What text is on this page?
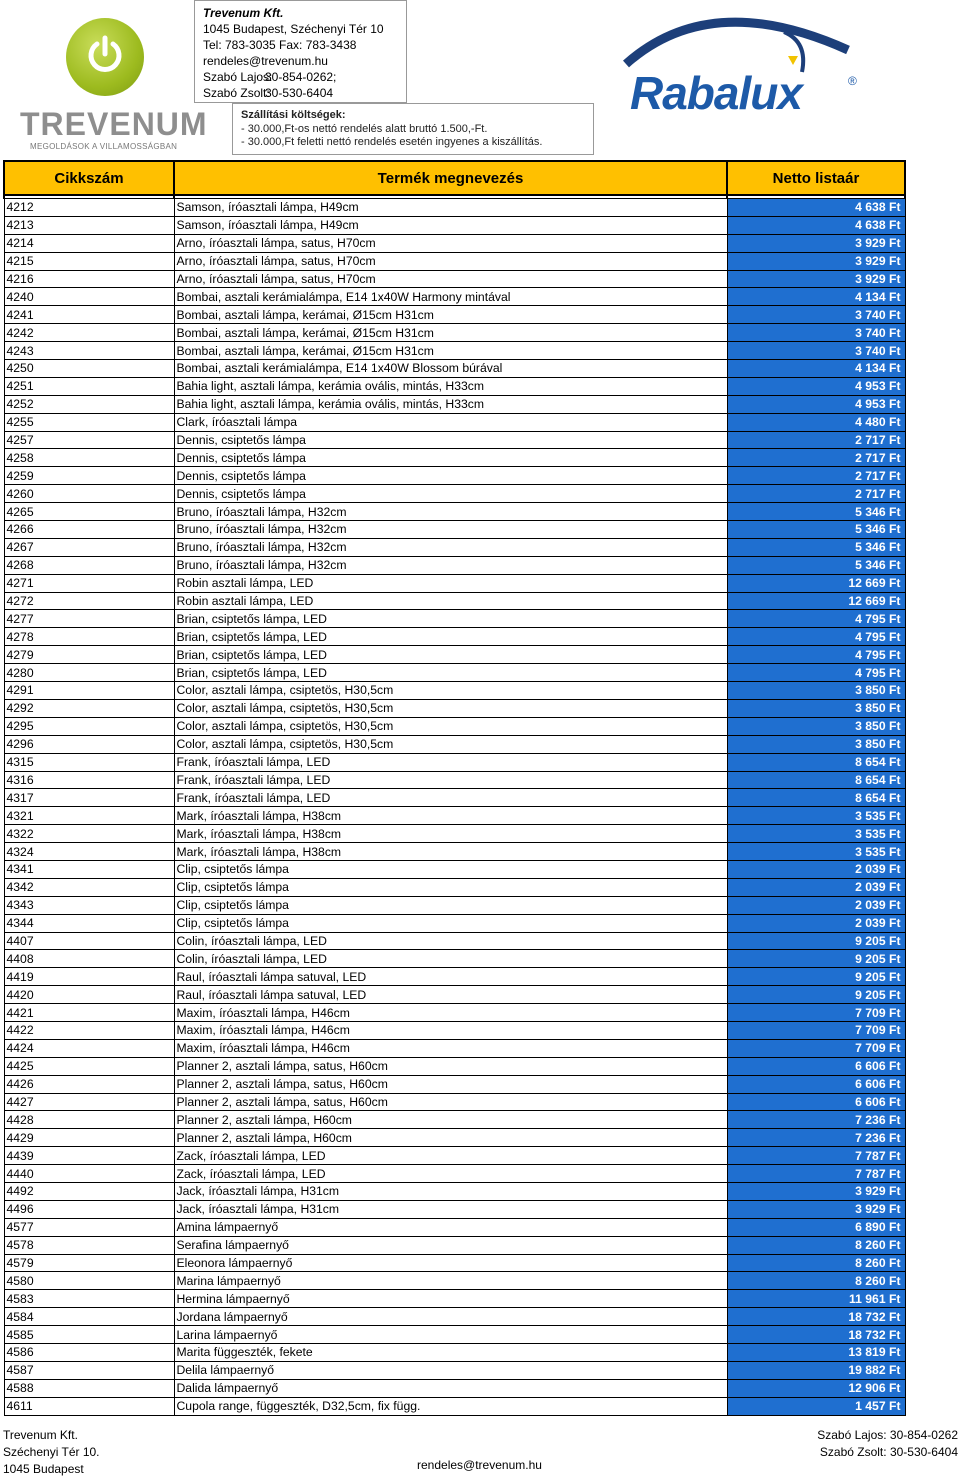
TREVENUM
MEGOLDÁSOK A VILLAMOSSÁGBAN
Trevenum Kft.
1045 Budapest, Széchenyi Tér 10
Tel: 783-3035 Fax: 783-3438
rendeles@trevenum.hu
Szabó Lajos:30-854-0262;
Szabó Zsolt:30-530-6404
Szállítási költségek:
- 30.000,Ft-os nettó rendelés alatt bruttó 1.500,-Ft.
- 30.000,Ft feletti nettó rendelés esetén ingyenes a kiszállítás.
Rabalux	®
Cikkszám	Termék megnevezés	Netto listaár

4212	Samson, íróasztali lámpa, H49cm	4 638 Ft
4213	Samson, íróasztali lámpa, H49cm	4 638 Ft
4214	Arno, íróasztali lámpa, satus, H70cm	3 929 Ft
4215	Arno, íróasztali lámpa, satus, H70cm	3 929 Ft
4216	Arno, íróasztali lámpa, satus, H70cm	3 929 Ft
4240	Bombai, asztali kerámialámpa, E14 1x40W Harmony mintával	4 134 Ft
4241	Bombai, asztali lámpa, kerámai, Ø15cm H31cm	3 740 Ft
4242	Bombai, asztali lámpa, kerámai, Ø15cm H31cm	3 740 Ft
4243	Bombai, asztali lámpa, kerámai, Ø15cm H31cm	3 740 Ft
4250	Bombai, asztali kerámialámpa, E14 1x40W Blossom búrával	4 134 Ft
4251	Bahia light, asztali lámpa, kerámia ovális, mintás, H33cm	4 953 Ft
4252	Bahia light, asztali lámpa, kerámia ovális, mintás, H33cm	4 953 Ft
4255	Clark, íróasztali lámpa	4 480 Ft
4257	Dennis, csiptetős lámpa	2 717 Ft
4258	Dennis, csiptetős lámpa	2 717 Ft
4259	Dennis, csiptetős lámpa	2 717 Ft
4260	Dennis, csiptetős lámpa	2 717 Ft
4265	Bruno, íróasztali lámpa, H32cm	5 346 Ft
4266	Bruno, íróasztali lámpa, H32cm	5 346 Ft
4267	Bruno, íróasztali lámpa, H32cm	5 346 Ft
4268	Bruno, íróasztali lámpa, H32cm	5 346 Ft
4271	Robin asztali lámpa, LED	12 669 Ft
4272	Robin asztali lámpa, LED	12 669 Ft
4277	Brian, csiptetős lámpa, LED	4 795 Ft
4278	Brian, csiptetős lámpa, LED	4 795 Ft
4279	Brian, csiptetős lámpa, LED	4 795 Ft
4280	Brian, csiptetős lámpa, LED	4 795 Ft
4291	Color, asztali lámpa, csiptetös, H30,5cm	3 850 Ft
4292	Color, asztali lámpa, csiptetös, H30,5cm	3 850 Ft
4295	Color, asztali lámpa, csiptetös, H30,5cm	3 850 Ft
4296	Color, asztali lámpa, csiptetös, H30,5cm	3 850 Ft
4315	Frank, íróasztali lámpa, LED	8 654 Ft
4316	Frank, íróasztali lámpa, LED	8 654 Ft
4317	Frank, íróasztali lámpa, LED	8 654 Ft
4321	Mark, íróasztali lámpa, H38cm	3 535 Ft
4322	Mark, íróasztali lámpa, H38cm	3 535 Ft
4324	Mark, íróasztali lámpa, H38cm	3 535 Ft
4341	Clip, csiptetős lámpa	2 039 Ft
4342	Clip, csiptetős lámpa	2 039 Ft
4343	Clip, csiptetős lámpa	2 039 Ft
4344	Clip, csiptetős lámpa	2 039 Ft
4407	Colin, íróasztali lámpa, LED	9 205 Ft
4408	Colin, íróasztali lámpa, LED	9 205 Ft
4419	Raul, íróasztali lámpa satuval, LED	9 205 Ft
4420	Raul, íróasztali lámpa satuval, LED	9 205 Ft
4421	Maxim, íróasztali lámpa, H46cm	7 709 Ft
4422	Maxim, íróasztali lámpa, H46cm	7 709 Ft
4424	Maxim, íróasztali lámpa, H46cm	7 709 Ft
4425	Planner 2, asztali lámpa, satus, H60cm	6 606 Ft
4426	Planner 2, asztali lámpa, satus, H60cm	6 606 Ft
4427	Planner 2, asztali lámpa, satus, H60cm	6 606 Ft
4428	Planner 2, asztali lámpa, H60cm	7 236 Ft
4429	Planner 2, asztali lámpa, H60cm	7 236 Ft
4439	Zack, íróasztali lámpa, LED	7 787 Ft
4440	Zack, íróasztali lámpa, LED	7 787 Ft
4492	Jack, íróasztali lámpa, H31cm	3 929 Ft
4496	Jack, íróasztali lámpa, H31cm	3 929 Ft
4577	Amina lámpaernyő	6 890 Ft
4578	Serafina lámpaernyő	8 260 Ft
4579	Eleonora lámpaernyő	8 260 Ft
4580	Marina lámpaernyő	8 260 Ft
4583	Hermina lámpaernyő	11 961 Ft
4584	Jordana lámpaernyő	18 732 Ft
4585	Larina lámpaernyő	18 732 Ft
4586	Marita függeszték, fekete	13 819 Ft
4587	Delila lámpaernyő	19 882 Ft
4588	Dalida lámpaernyő	12 906 Ft
4611	Cupola range, függeszték, D32,5cm, fix függ.	1 457 Ft
Trevenum Kft.
Széchenyi Tér 10.
1045 Budapest	rendeles@trevenum.hu
Szabó Lajos: 30-854-0262
Szabó Zsolt: 30-530-6404
